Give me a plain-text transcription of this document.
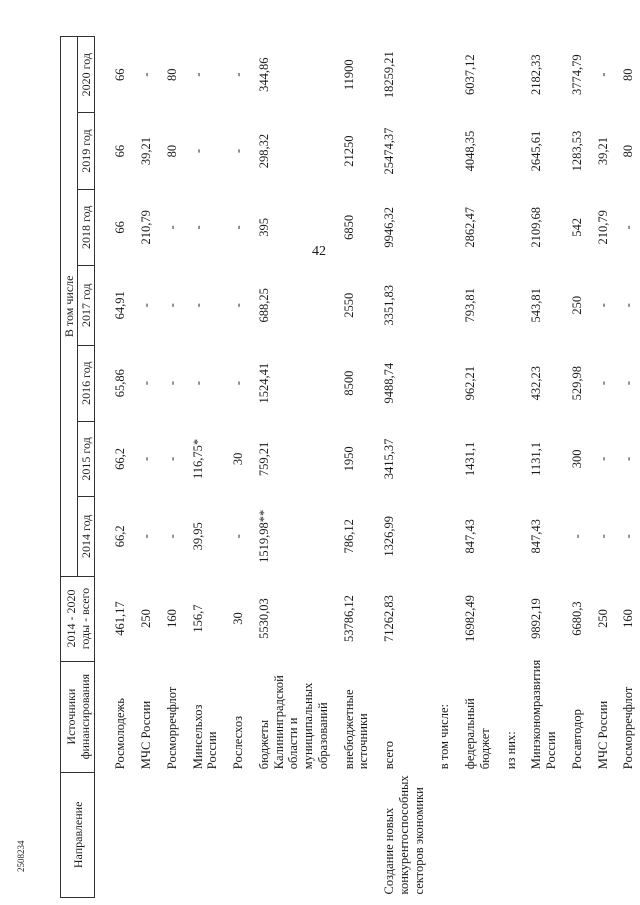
42
2508234	Направление	Источники финансирования	2014 - 2020 годы - всего	В том числе						
			2014 год	2015 год	2016 год	2017 год	2018 год	2019 год	2020 год
	Росмолодежь	461,17	66,2	66,2	65,86	64,91	66	66	66
	МЧС России	250	-	-	-	-	210,79	39,21	-
	Росморречфлот	160	-	-	-	-	-	80	80
	Минсельхоз России	156,7	39,95	116,75*	-	-	-	-	-
	Рослесхоз	30	-	30	-	-	-	-	-
	бюджеты Калининградской области и муниципальных образований	5530,03	1519,98**	759,21	1524,41	688,25	395	298,32	344,86
	внебюджетные источники	53786,12	786,12	1950	8500	2550	6850	21250	11900
Создание новых конкурентоспособных секторов экономики	всего	71262,83	1326,99	3415,37	9488,74	3351,83	9946,32	25474,37	18259,21
	в том числе:								
	федеральный бюджет	16982,49	847,43	1431,1	962,21	793,81	2862,47	4048,35	6037,12
	из них:								
	Минэкономразвития России	9892,19	847,43	1131,1	432,23	543,81	2109,68	2645,61	2182,33
	Росавтодор	6680,3	-	300	529,98	250	542	1283,53	3774,79
	МЧС России	250	-	-	-	-	210,79	39,21	-
	Росморречфлот	160	-	-	-	-	-	80	80
